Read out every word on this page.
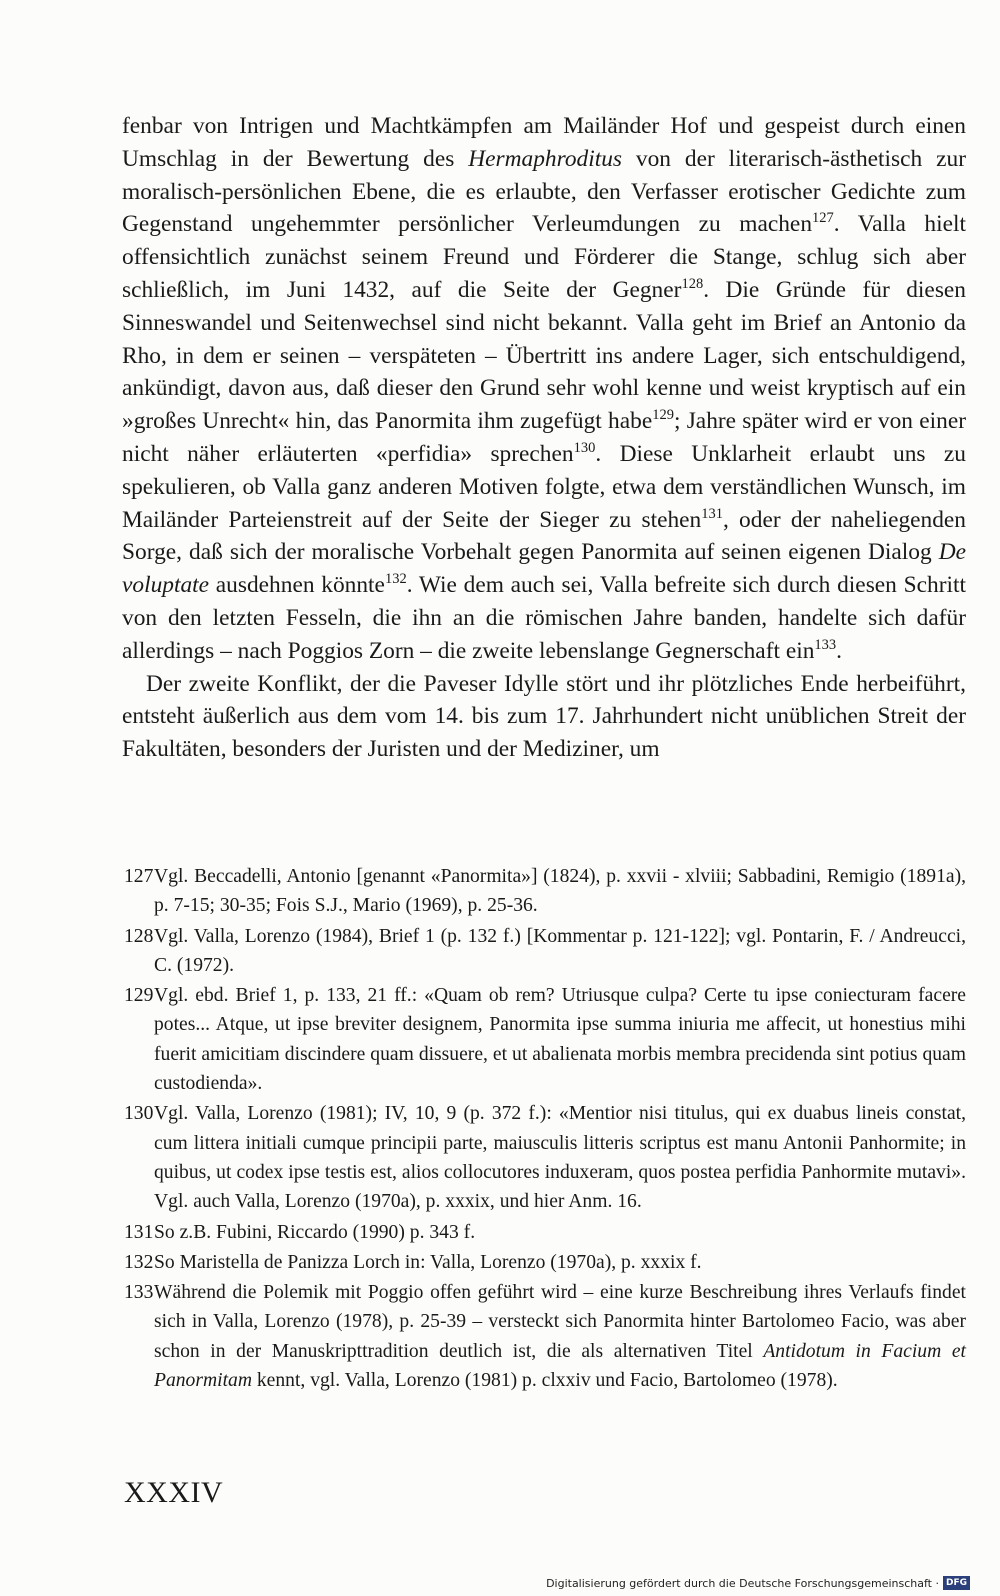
fenbar von Intrigen und Machtkämpfen am Mailänder Hof und gespeist durch einen Umschlag in der Bewertung des Hermaphroditus von der literarisch-ästhetisch zur moralisch-persönlichen Ebene, die es erlaubte, den Verfasser erotischer Gedichte zum Gegenstand ungehemmter persönlicher Verleumdungen zu machen$^{127}$. Valla hielt offensichtlich zunächst seinem Freund und Förderer die Stange, schlug sich aber schließlich, im Juni 1432, auf die Seite der Gegner$^{128}$. Die Gründe für diesen Sinneswandel und Seitenwechsel sind nicht bekannt. Valla geht im Brief an Antonio da Rho, in dem er seinen – verspäteten – Übertritt ins andere Lager, sich entschuldigend, ankündigt, davon aus, daß dieser den Grund sehr wohl kenne und weist kryptisch auf ein »großes Unrecht« hin, das Panormita ihm zugefügt habe$^{129}$; Jahre später wird er von einer nicht näher erläuterten «perfidia» sprechen$^{130}$. Diese Unklarheit erlaubt uns zu spekulieren, ob Valla ganz anderen Motiven folgte, etwa dem verständlichen Wunsch, im Mailänder Parteienstreit auf der Seite der Sieger zu stehen$^{131}$, oder der naheliegenden Sorge, daß sich der moralische Vorbehalt gegen Panormita auf seinen eigenen Dialog De voluptate ausdehnen könnte$^{132}$. Wie dem auch sei, Valla befreite sich durch diesen Schritt von den letzten Fesseln, die ihn an die römischen Jahre banden, handelte sich dafür allerdings – nach Poggios Zorn – die zweite lebenslange Gegnerschaft ein$^{133}$.

Der zweite Konflikt, der die Paveser Idylle stört und ihr plötzliches Ende herbeiführt, entsteht äußerlich aus dem vom 14. bis zum 17. Jahrhundert nicht unüblichen Streit der Fakultäten, besonders der Juristen und der Mediziner, um

127 Vgl. Beccadelli, Antonio [genannt «Panormita»] (1824), p. xxvii - xlviii; Sabbadini, Remigio (1891a), p. 7-15; 30-35; Fois S.J., Mario (1969), p. 25-36.
128 Vgl. Valla, Lorenzo (1984), Brief 1 (p. 132 f.) [Kommentar p. 121-122]; vgl. Pontarin, F. / Andreucci, C. (1972).
129 Vgl. ebd. Brief 1, p. 133, 21 ff.: «Quam ob rem? Utriusque culpa? Certe tu ipse coniecturam facere potes... Atque, ut ipse breviter designem, Panormita ipse summa iniuria me affecit, ut honestius mihi fuerit amicitiam discindere quam dissuere, et ut abalienata morbis membra precidenda sint potius quam custodienda».
130 Vgl. Valla, Lorenzo (1981); IV, 10, 9 (p. 372 f.): «Mentior nisi titulus, qui ex duabus lineis constat, cum littera initiali cumque principii parte, maiusculis litteris scriptus est manu Antonii Panhormite; in quibus, ut codex ipse testis est, alios collocutores induxeram, quos postea perfidia Panhormite mutavi». Vgl. auch Valla, Lorenzo (1970a), p. xxxix, und hier Anm. 16.
131 So z.B. Fubini, Riccardo (1990) p. 343 f.
132 So Maristella de Panizza Lorch in: Valla, Lorenzo (1970a), p. xxxix f.
133 Während die Polemik mit Poggio offen geführt wird – eine kurze Beschreibung ihres Verlaufs findet sich in Valla, Lorenzo (1978), p. 25-39 – versteckt sich Panormita hinter Bartolomeo Facio, was aber schon in der Manuskripttradition deutlich ist, die als alternativen Titel Antidotum in Facium et Panormitam kennt, vgl. Valla, Lorenzo (1981) p. clxxiv und Facio, Bartolomeo (1978).
XXXIV
Digitalisierung gefördert durch die Deutsche Forschungsgemeinschaft · DFG
